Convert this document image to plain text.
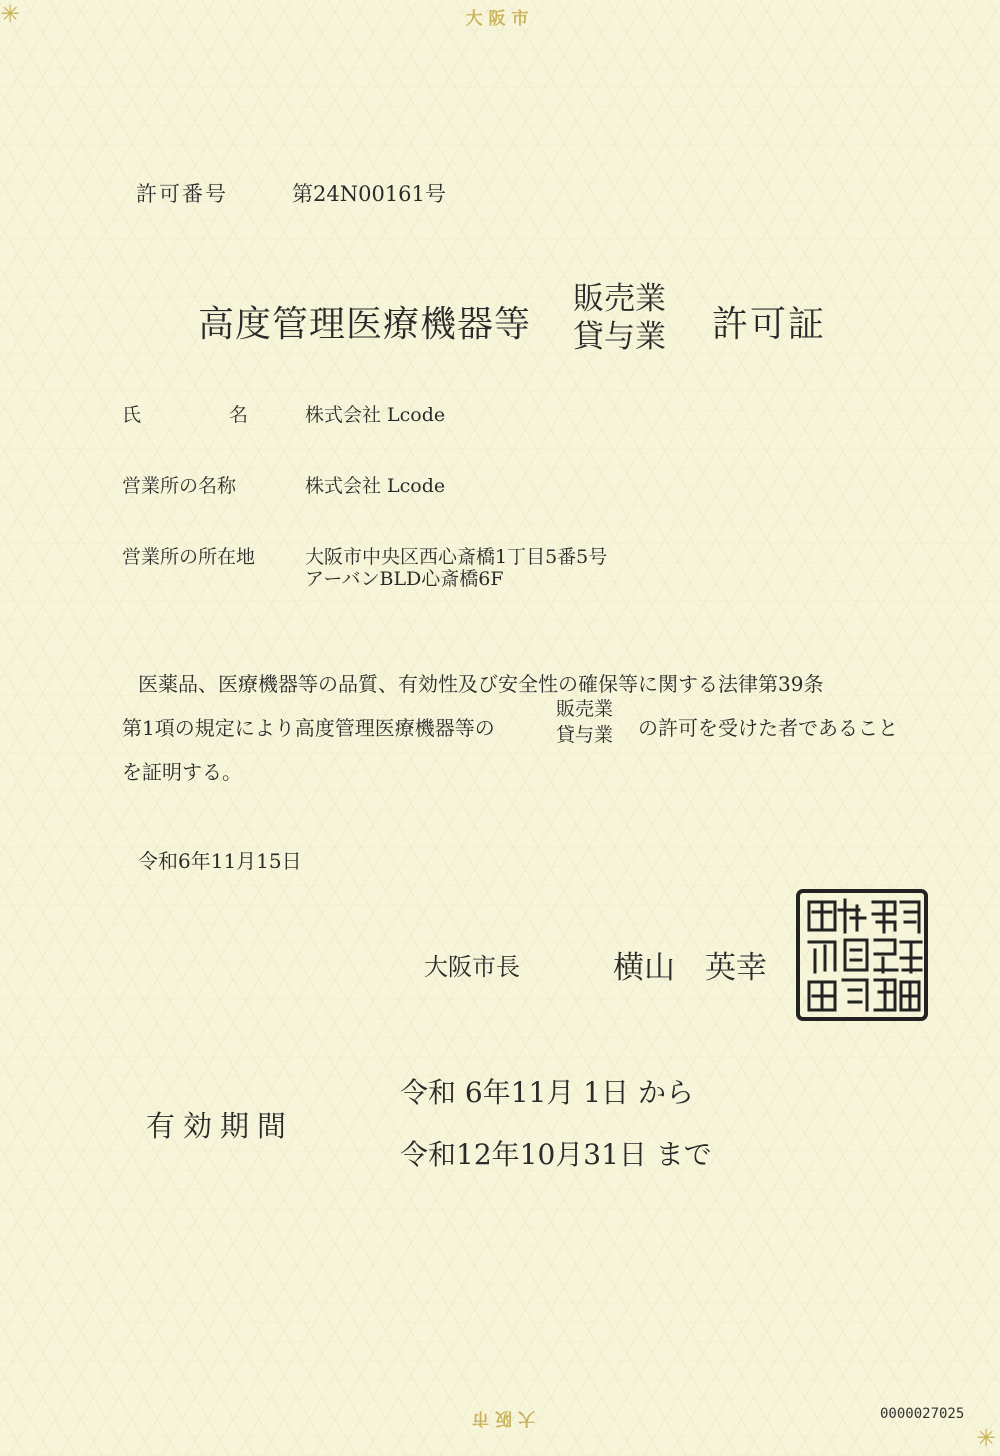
✳
✳
大阪市
許可番号	第24N00161号
高度管理医療機器等
販売業
貸与業 許可証
氏	名	株式会社 Lcode
営業所の名称	株式会社 Lcode
営業所の所在地	大阪市中央区西心斎橋1丁目5番5号
アーバンBLD心斎橋6F
医薬品、医療機器等の品質、有効性及び安全性の確保等に関する法律第39条
第1項の規定により高度管理医療機器等の
販売業
貸与業 の許可を受けた者であること
を証明する。
令和6年11月15日
大阪市長	横山 英幸
有効期間
令和 6年11月 1日 から
令和12年10月31日 まで
大阪市	0000027025
